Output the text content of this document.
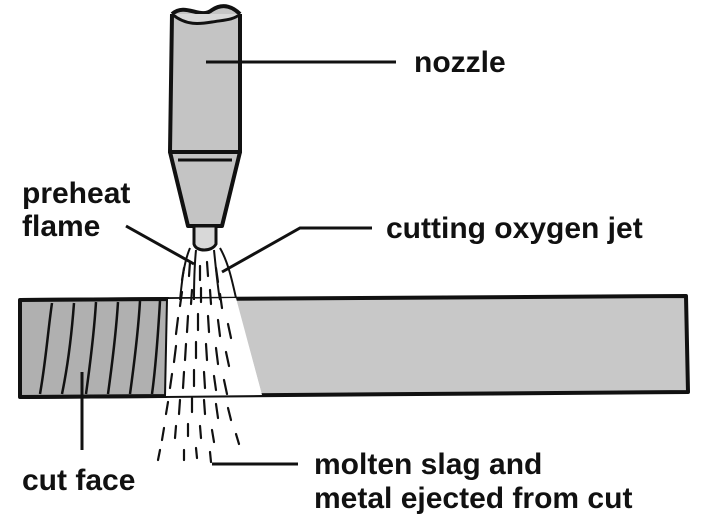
nozzle
preheat
flame	cutting oxygen jet
cut face	molten slag and
metal ejected from cut
